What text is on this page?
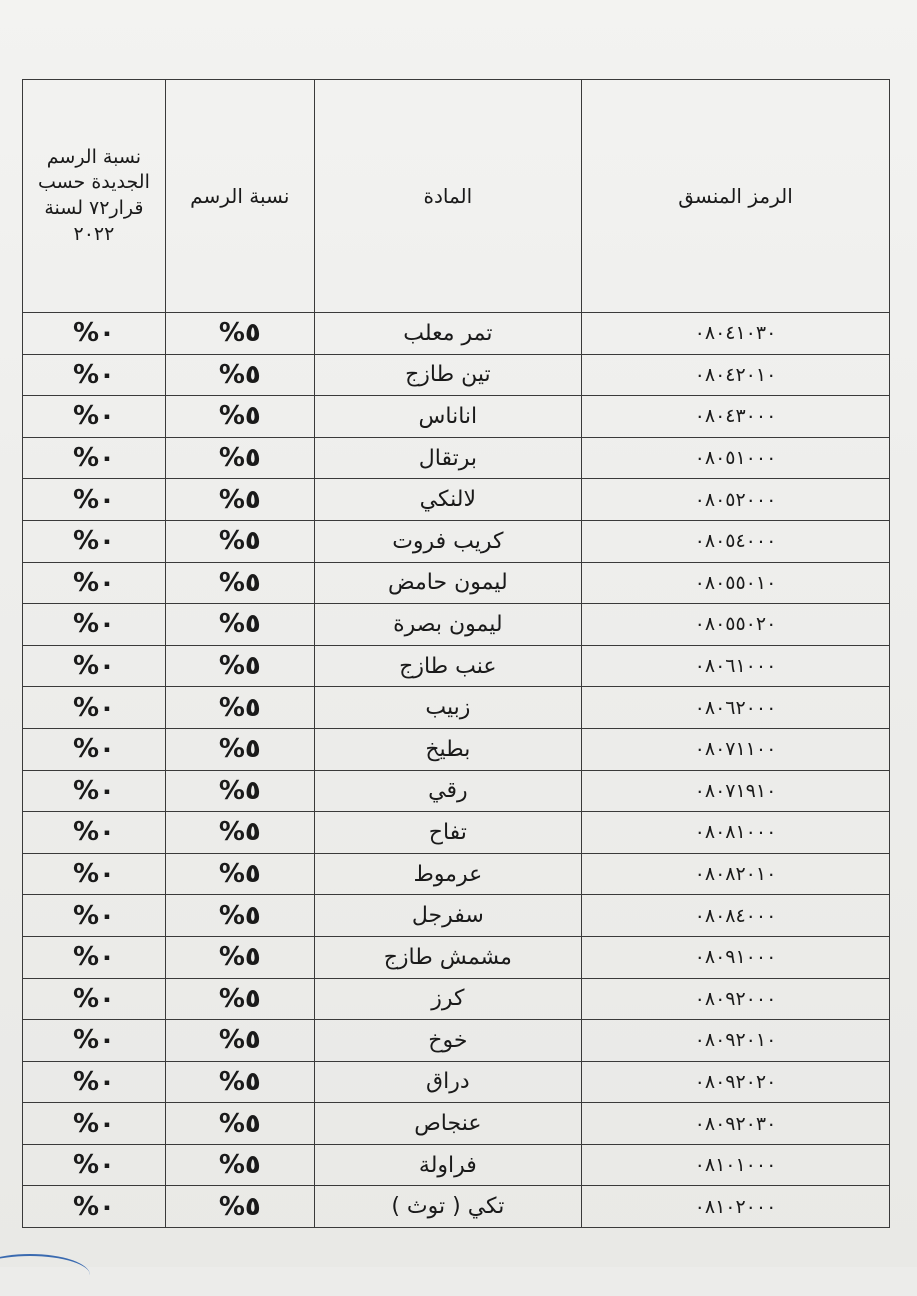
الرمز المنسق	المادة	نسبة الرسم	نسبة الرسم الجديدة حسب قرار٧٢ لسنة ٢٠٢٢
٠٨٠٤١٠٣٠	تمر معلب	٥%	٠%
٠٨٠٤٢٠١٠	تين طازج	٥%	٠%
٠٨٠٤٣٠٠٠	اناناس	٥%	٠%
٠٨٠٥١٠٠٠	برتقال	٥%	٠%
٠٨٠٥٢٠٠٠	لالنكي	٥%	٠%
٠٨٠٥٤٠٠٠	كريب فروت	٥%	٠%
٠٨٠٥٥٠١٠	ليمون حامض	٥%	٠%
٠٨٠٥٥٠٢٠	ليمون بصرة	٥%	٠%
٠٨٠٦١٠٠٠	عنب طازج	٥%	٠%
٠٨٠٦٢٠٠٠	زبيب	٥%	٠%
٠٨٠٧١١٠٠	بطيخ	٥%	٠%
٠٨٠٧١٩١٠	رقي	٥%	٠%
٠٨٠٨١٠٠٠	تفاح	٥%	٠%
٠٨٠٨٢٠١٠	عرموط	٥%	٠%
٠٨٠٨٤٠٠٠	سفرجل	٥%	٠%
٠٨٠٩١٠٠٠	مشمش طازج	٥%	٠%
٠٨٠٩٢٠٠٠	كرز	٥%	٠%
٠٨٠٩٢٠١٠	خوخ	٥%	٠%
٠٨٠٩٢٠٢٠	دراق	٥%	٠%
٠٨٠٩٢٠٣٠	عنجاص	٥%	٠%
٠٨١٠١٠٠٠	فراولة	٥%	٠%
٠٨١٠٢٠٠٠	تكي ( توث )	٥%	٠%
